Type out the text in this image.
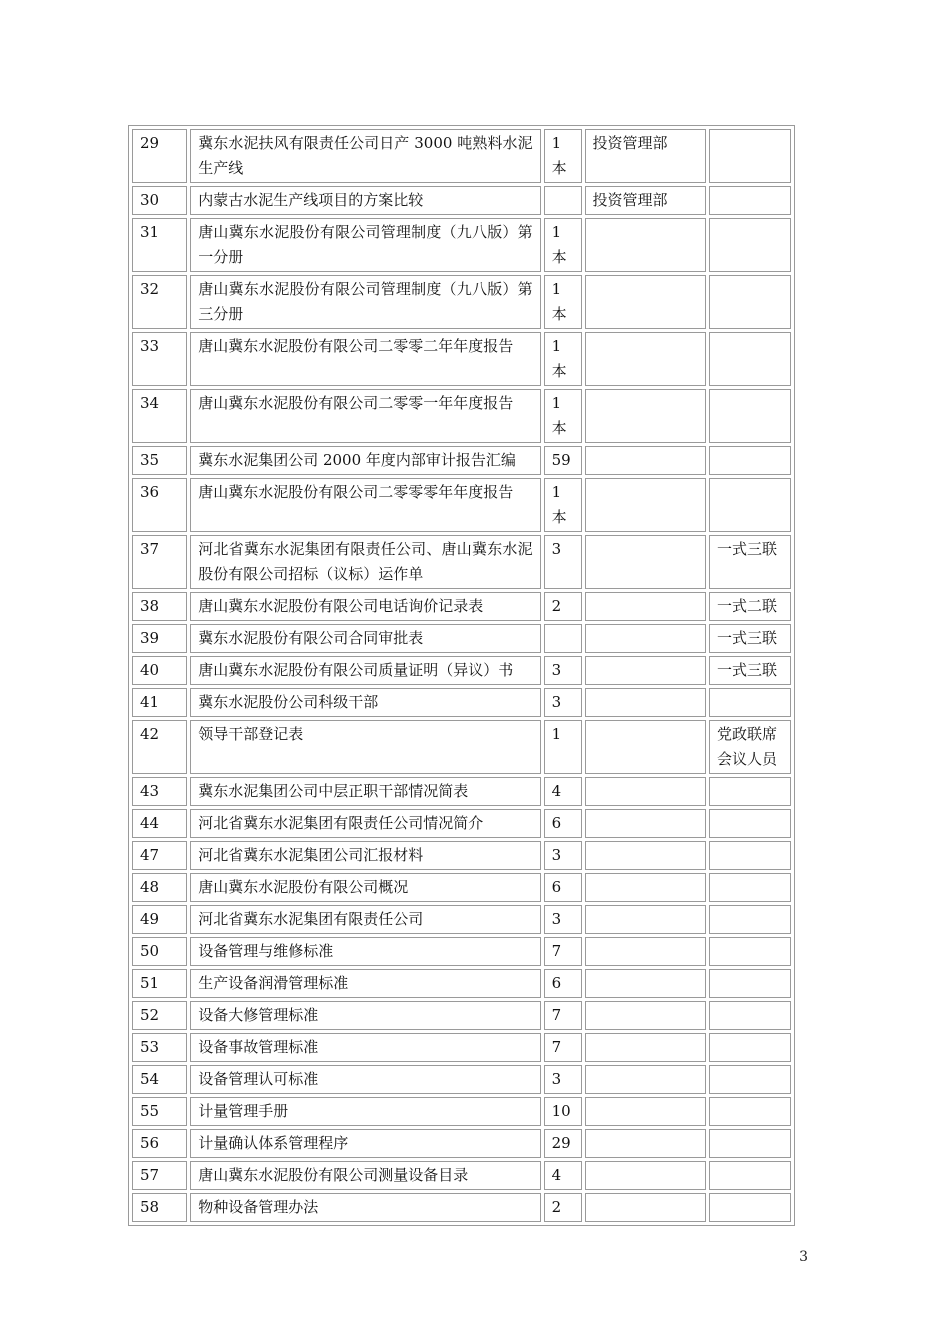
29	冀东水泥扶风有限责任公司日产 3000 吨熟料水泥生产线	1 本	投资管理部	
30	内蒙古水泥生产线项目的方案比较		投资管理部	
31	唐山冀东水泥股份有限公司管理制度（九八版）第一分册	1 本		
32	唐山冀东水泥股份有限公司管理制度（九八版）第三分册	1 本		
33	唐山冀东水泥股份有限公司二零零二年年度报告	1 本		
34	唐山冀东水泥股份有限公司二零零一年年度报告	1 本		
35	冀东水泥集团公司 2000 年度内部审计报告汇编	59		
36	唐山冀东水泥股份有限公司二零零零年年度报告	1 本		
37	河北省冀东水泥集团有限责任公司、唐山冀东水泥股份有限公司招标（议标）运作单	3		一式三联
38	唐山冀东水泥股份有限公司电话询价记录表	2		一式二联
39	冀东水泥股份有限公司合同审批表			一式三联
40	唐山冀东水泥股份有限公司质量证明（异议）书	3		一式三联
41	冀东水泥股份公司科级干部	3		
42	领导干部登记表	1		党政联席会议人员
43	冀东水泥集团公司中层正职干部情况简表	4		
44	河北省冀东水泥集团有限责任公司情况简介	6		
47	河北省冀东水泥集团公司汇报材料	3		
48	唐山冀东水泥股份有限公司概况	6		
49	河北省冀东水泥集团有限责任公司	3		
50	设备管理与维修标准	7		
51	生产设备润滑管理标准	6		
52	设备大修管理标准	7		
53	设备事故管理标准	7		
54	设备管理认可标准	3		
55	计量管理手册	10		
56	计量确认体系管理程序	29		
57	唐山冀东水泥股份有限公司测量设备目录	4		
58	物种设备管理办法	2		
3
